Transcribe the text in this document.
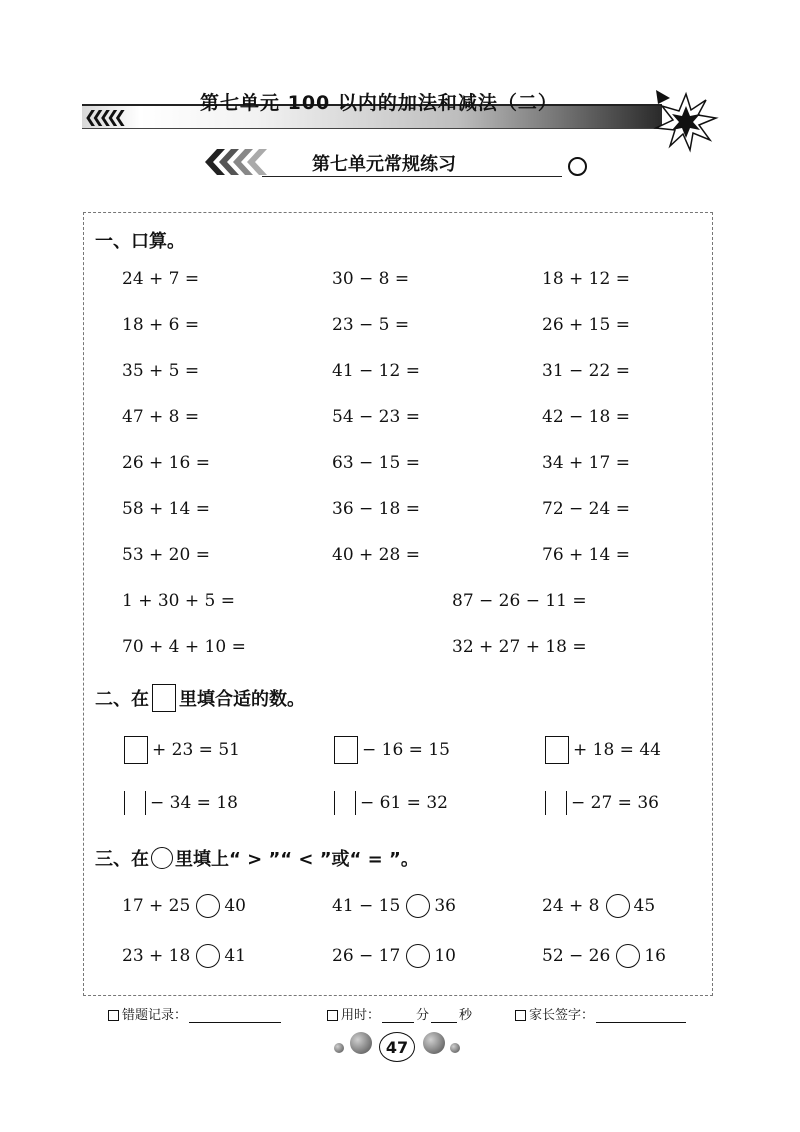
❮❮❮❮❮
第七单元 100 以内的加法和减法（二）
第七单元常规练习
一、口算。
24 + 7 =	30 − 8 =	18 + 12 =
18 + 6 =	23 − 5 =	26 + 15 =
35 + 5 =	41 − 12 =	31 − 22 =
47 + 8 =	54 − 23 =	42 − 18 =
26 + 16 =	63 − 15 =	34 + 17 =
58 + 14 =	36 − 18 =	72 − 24 =
53 + 20 =	40 + 28 =	76 + 14 =
1 + 30 + 5 =	87 − 26 − 11 =
70 + 4 + 10 =	32 + 27 + 18 =
二、在 里填合适的数。
+ 23 = 51	− 16 = 15	+ 18 = 44
− 34 = 18	− 61 = 32	− 27 = 36
三、在 里填上“ > ”“ < ”或“ = ”。
17 + 25 40	41 − 15 36	24 + 8 45
23 + 18 41	26 − 17 10	52 − 26 16
错题记录：	用时：	分 秒	家长签字：
47
